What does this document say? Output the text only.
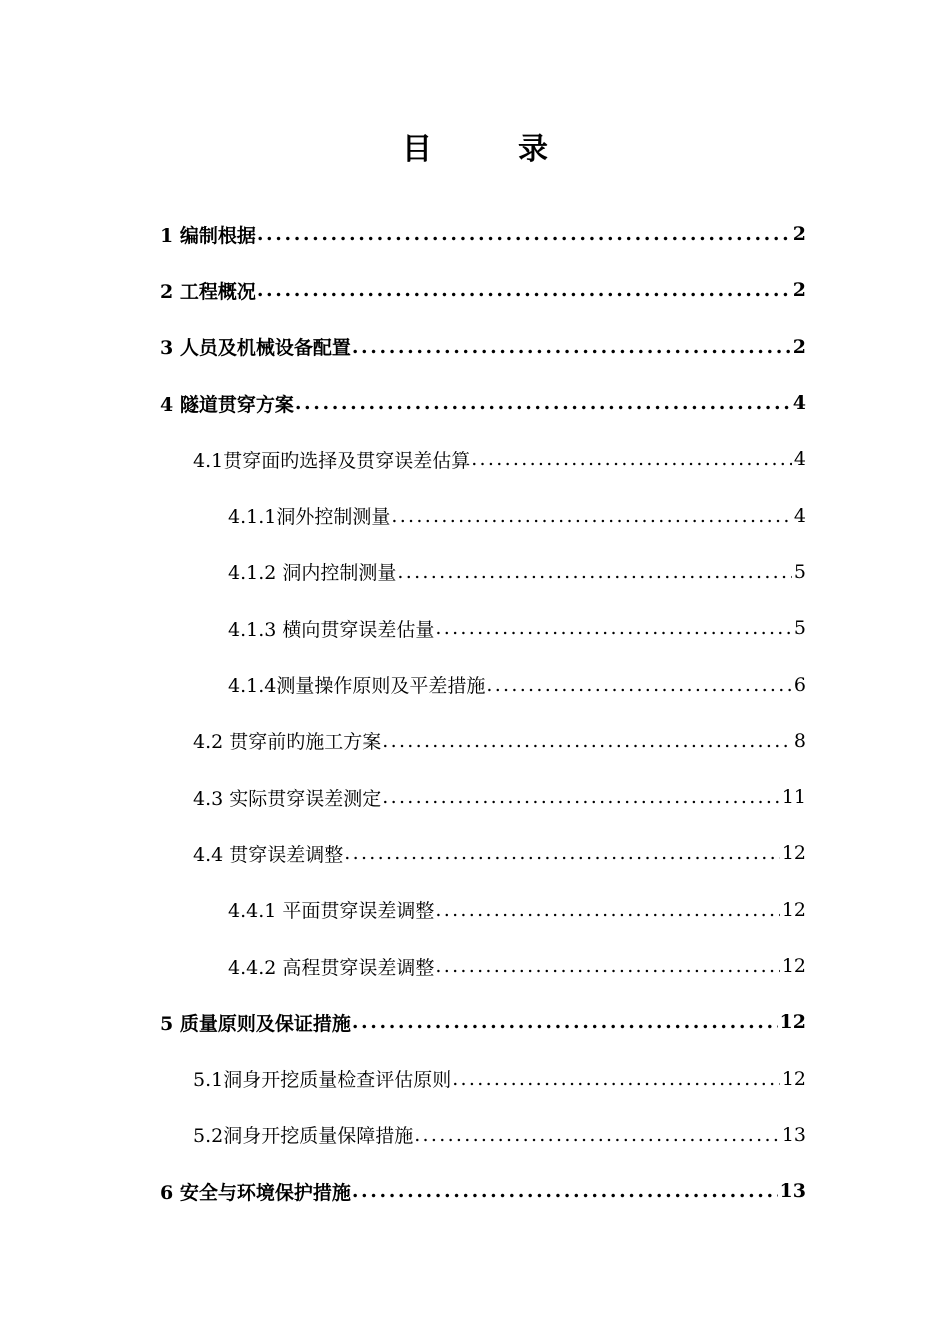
目　录
1 编制根据 .....	2
2 工程概况 .....	2
3 人员及机械设备配置 .....	2
4 隧道贯穿方案 .....	4
4.1贯穿面旳选择及贯穿误差估算 .....	4
4.1.1洞外控制测量 .....	4
4.1.2 洞内控制测量 .....	5
4.1.3 横向贯穿误差估量 .....	5
4.1.4测量操作原则及平差措施 .....	6
4.2 贯穿前旳施工方案 .....	8
4.3 实际贯穿误差测定 .....	11
4.4 贯穿误差调整 .....	12
4.4.1 平面贯穿误差调整 .....	12
4.4.2 高程贯穿误差调整 .....	12
5 质量原则及保证措施 .....	12
5.1洞身开挖质量检查评估原则 .....	12
5.2洞身开挖质量保障措施 .....	13
6 安全与环境保护措施 .....	13
